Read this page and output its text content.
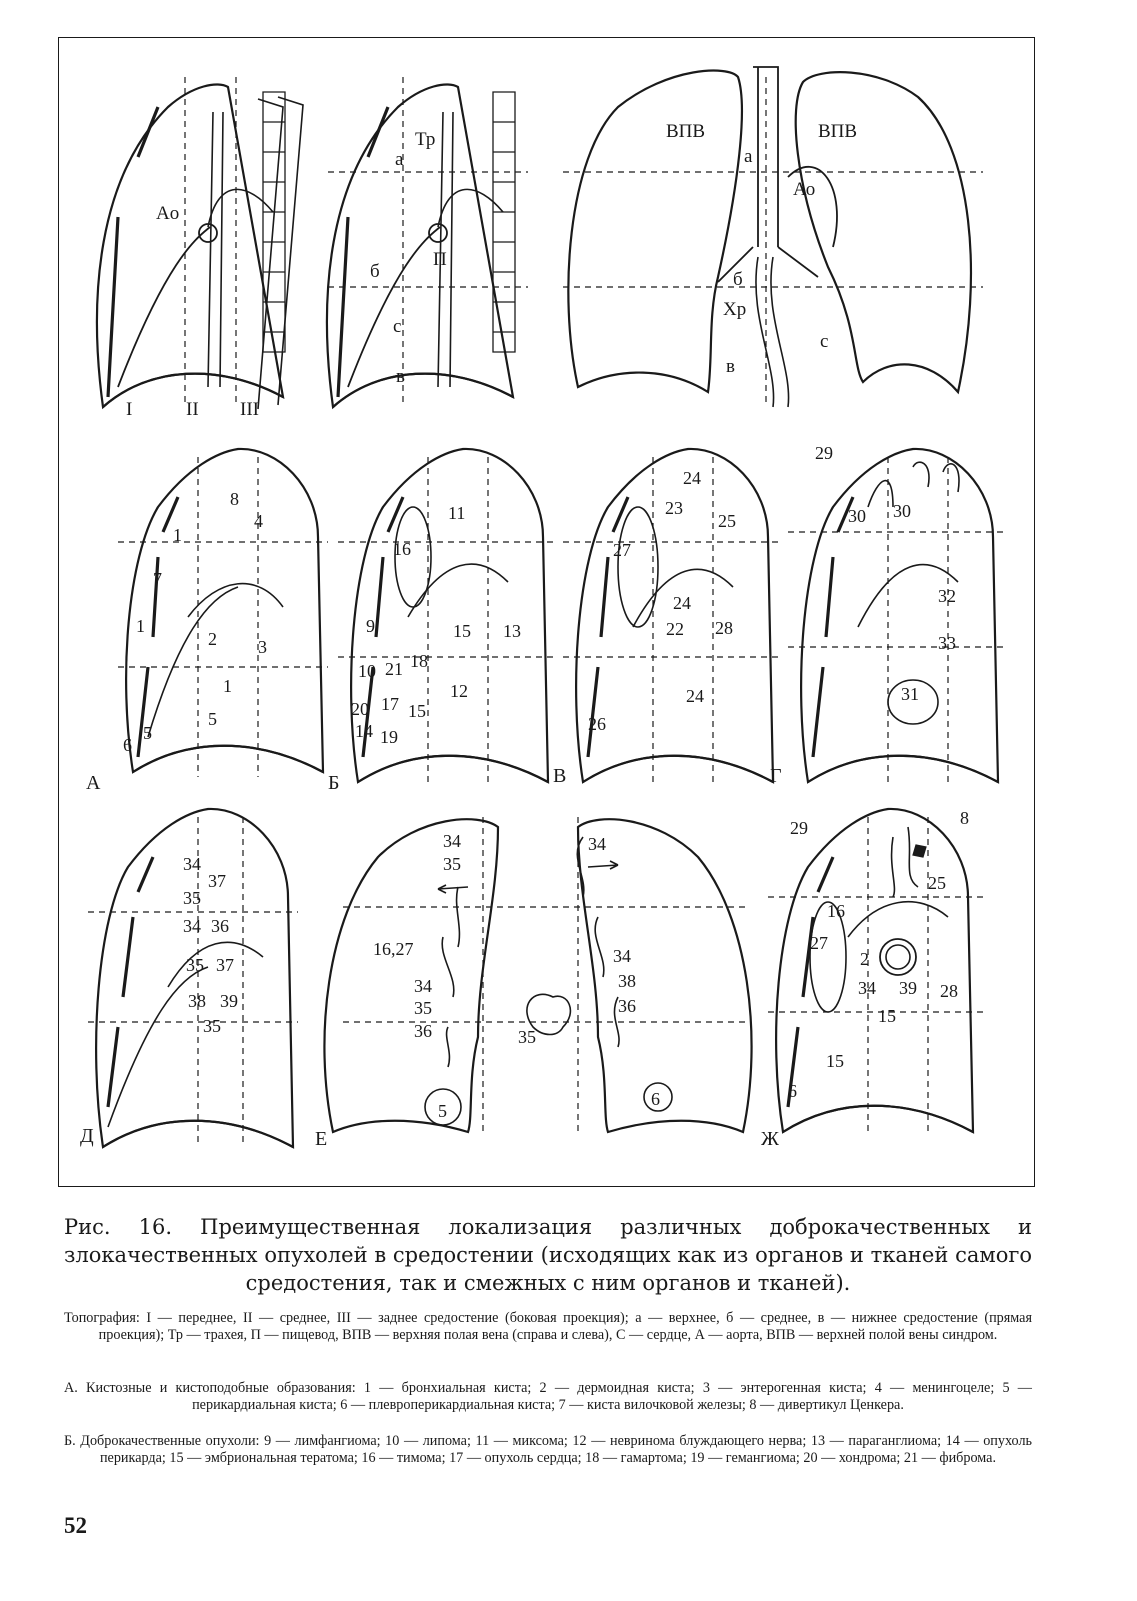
Ao
I	II III
Тр
а
б
П
с
в
ВПВ	ВПВ
а
Ао
б
Хр
в
с
8
4
1
7
1
2 3
1
5
5
6
А
11
16
9	15 13
10 21 18
12
20 17 15
14 19
Б
24
23
25
27
24
22 28
24
26
В
29
30 30
32
33
31
Г
34
37
35
34 36
35 37
38 39
35
Д
34
35
16,27
34
35
36	35
5
34
34
38
36
6
Е
29	8
25
16
27
2
34 39 28
15
15
6
Ж
Рис. 16. Преимущественная локализация различных доброкачественных и злокачественных опухолей в средостении (исходящих как из органов и тканей самого средостения, так и смежных с ним органов и тканей).
Топография: I — переднее, II — среднее, III — заднее средостение (боковая проекция); а — верхнее, б — среднее, в — нижнее средостение (прямая проекция); Тр — трахея, П — пищевод, ВПВ — верхняя полая вена (справа и слева), С — сердце, А — аорта, ВПВ — верхней полой вены синдром.
А. Кистозные и кистоподобные образования: 1 — бронхиальная киста; 2 — дермоидная киста; 3 — энтерогенная киста; 4 — менингоцеле; 5 — перикардиальная киста; 6 — плевроперикардиальная киста; 7 — киста вилочковой железы; 8 — дивертикул Ценкера.
Б. Доброкачественные опухоли: 9 — лимфангиома; 10 — липома; 11 — миксома; 12 — невринома блуждающего нерва; 13 — параганглиома; 14 — опухоль перикарда; 15 — эмбриональная тератома; 16 — тимома; 17 — опухоль сердца; 18 — гамартома; 19 — гемангиома; 20 — хондрома; 21 — фиброма.
52
